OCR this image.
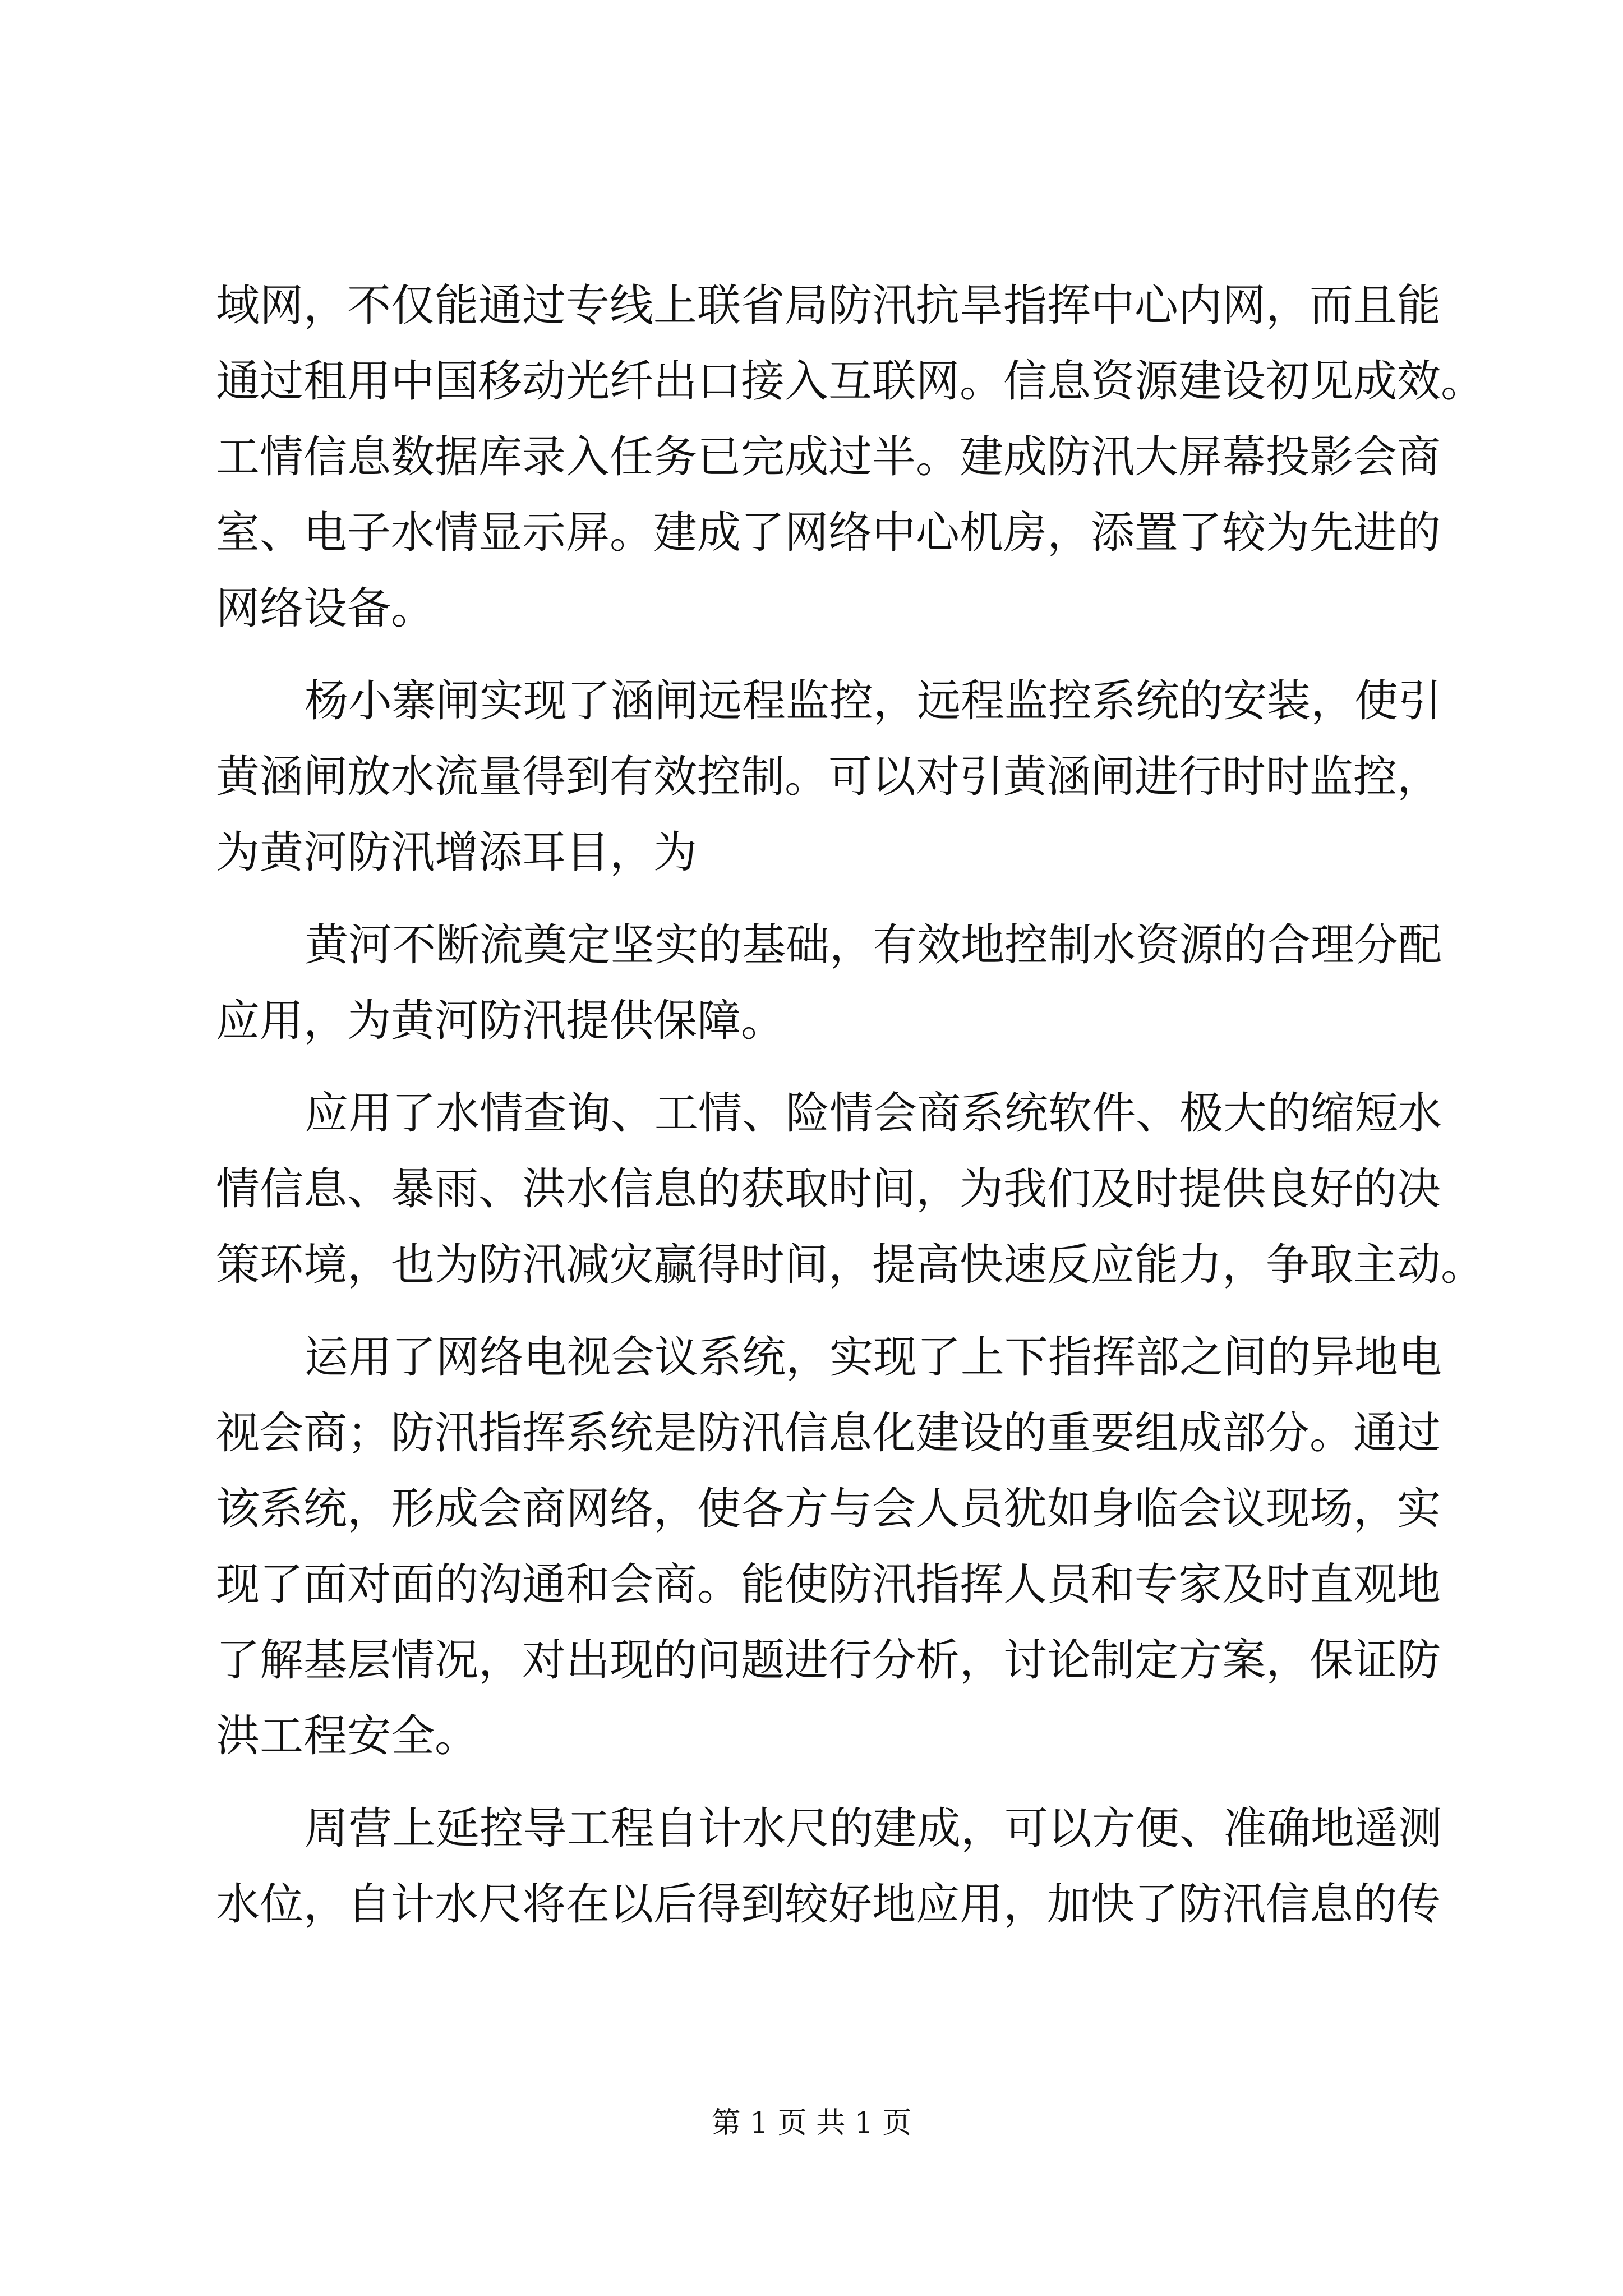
域网，不仅能通过专线上联省局防汛抗旱指挥中心内网，而且能
通过租用中国移动光纤出口接入互联网。信息资源建设初见成效。
工情信息数据库录入任务已完成过半。建成防汛大屏幕投影会商
室、电子水情显示屏。建成了网络中心机房，添置了较为先进的
网络设备。
杨小寨闸实现了涵闸远程监控，远程监控系统的安装，使引
黄涵闸放水流量得到有效控制。可以对引黄涵闸进行时时监控，
为黄河防汛增添耳目，为
黄河不断流奠定坚实的基础，有效地控制水资源的合理分配
应用，为黄河防汛提供保障。
应用了水情查询、工情、险情会商系统软件、极大的缩短水
情信息、暴雨、洪水信息的获取时间，为我们及时提供良好的决
策环境，也为防汛减灾赢得时间，提高快速反应能力，争取主动。
运用了网络电视会议系统，实现了上下指挥部之间的异地电
视会商；防汛指挥系统是防汛信息化建设的重要组成部分。通过
该系统，形成会商网络，使各方与会人员犹如身临会议现场，实
现了面对面的沟通和会商。能使防汛指挥人员和专家及时直观地
了解基层情况，对出现的问题进行分析，讨论制定方案，保证防
洪工程安全。
周营上延控导工程自计水尺的建成，可以方便、准确地遥测
水位，自计水尺将在以后得到较好地应用，加快了防汛信息的传
第 1 页 共 1 页
